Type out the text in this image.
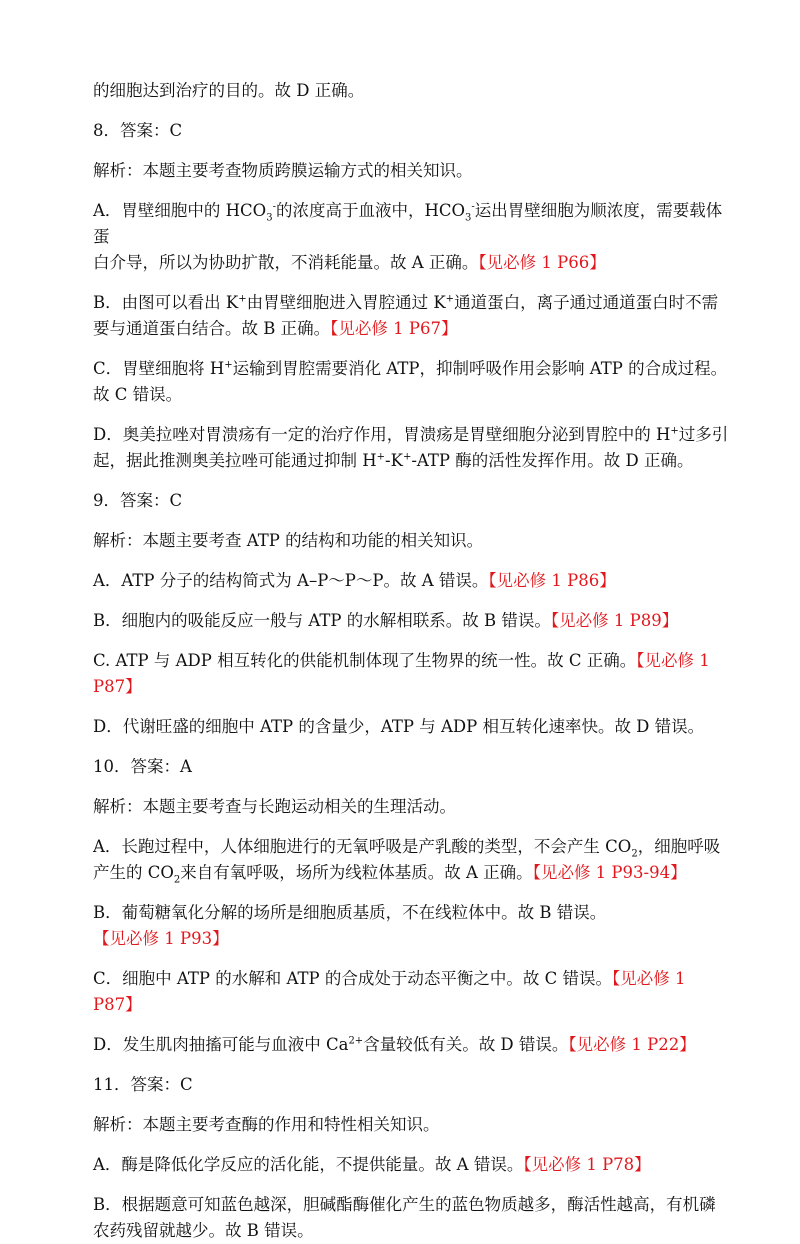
的细胞达到治疗的目的。故 D 正确。
8．答案：C
解析：本题主要考查物质跨膜运输方式的相关知识。
A．胃壁细胞中的 $HCO_3^-$的浓度高于血液中，$HCO_3^-$运出胃壁细胞为顺浓度，需要载体蛋
白介导，所以为协助扩散，不消耗能量。故 A 正确。【见必修 1 P66】
B．由图可以看出 K+由胃壁细胞进入胃腔通过 K+通道蛋白，离子通过通道蛋白时不需
要与通道蛋白结合。故 B 正确。【见必修 1 P67】
C．胃壁细胞将 H+运输到胃腔需要消化 ATP，抑制呼吸作用会影响 ATP 的合成过程。
故 C 错误。
D．奥美拉唑对胃溃疡有一定的治疗作用，胃溃疡是胃壁细胞分泌到胃腔中的 H+过多引
起，据此推测奥美拉唑可能通过抑制 H+-K+-ATP 酶的活性发挥作用。故 D 正确。
9．答案：C
解析：本题主要考查 ATP 的结构和功能的相关知识。
A．ATP 分子的结构简式为 A–P～P～P。故 A 错误。【见必修 1 P86】
B．细胞内的吸能反应一般与 ATP 的水解相联系。故 B 错误。【见必修 1 P89】
C. ATP 与 ADP 相互转化的供能机制体现了生物界的统一性。故 C 正确。【见必修 1 P87】
D．代谢旺盛的细胞中 ATP 的含量少，ATP 与 ADP 相互转化速率快。故 D 错误。
10．答案：A
解析：本题主要考查与长跑运动相关的生理活动。
A．长跑过程中，人体细胞进行的无氧呼吸是产乳酸的类型，不会产生 $CO_2$，细胞呼吸
产生的 $CO_2$来自有氧呼吸，场所为线粒体基质。故 A 正确。【见必修 1 P93-94】
B．葡萄糖氧化分解的场所是细胞质基质，不在线粒体中。故 B 错误。【见必修 1 P93】
C．细胞中 ATP 的水解和 ATP 的合成处于动态平衡之中。故 C 错误。【见必修 1 P87】
D．发生肌肉抽搐可能与血液中 $Ca^{2+}$含量较低有关。故 D 错误。【见必修 1 P22】
11．答案：C
解析：本题主要考查酶的作用和特性相关知识。
A．酶是降低化学反应的活化能，不提供能量。故 A 错误。【见必修 1 P78】
B．根据题意可知蓝色越深，胆碱酯酶催化产生的蓝色物质越多，酶活性越高，有机磷
农药残留就越少。故 B 错误。
